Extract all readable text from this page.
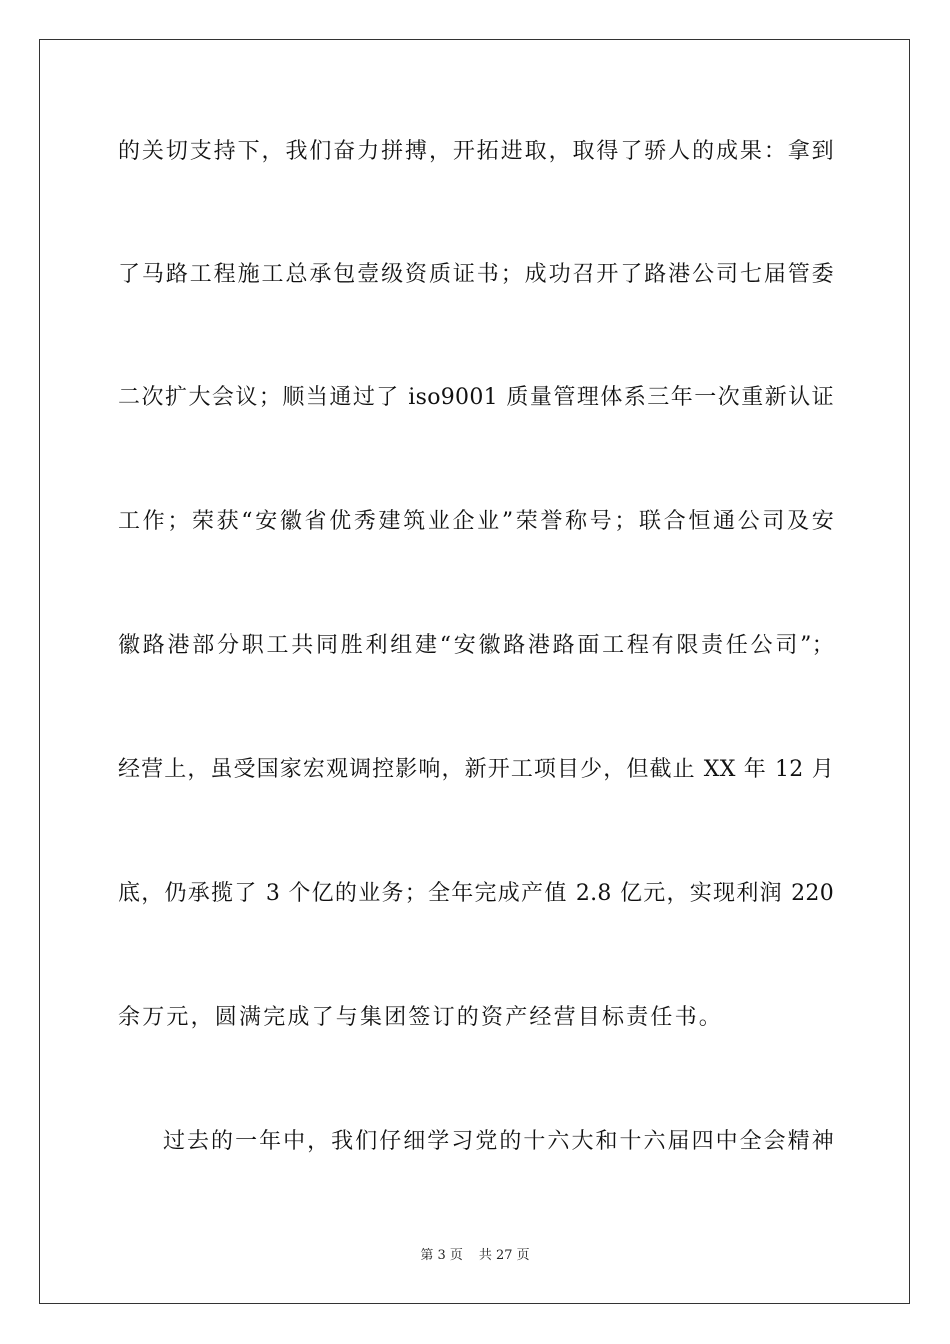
的关切支持下，我们奋力拼搏，开拓进取，取得了骄人的成果：拿到
了马路工程施工总承包壹级资质证书；成功召开了路港公司七届管委
二次扩大会议；顺当通过了 iso9001 质量管理体系三年一次重新认证
工作；荣获“安徽省优秀建筑业企业”荣誉称号；联合恒通公司及安
徽路港部分职工共同胜利组建“安徽路港路面工程有限责任公司”；
经营上，虽受国家宏观调控影响，新开工项目少，但截止 XX 年 12 月
底，仍承揽了 3 个亿的业务；全年完成产值 2.8 亿元，实现利润 220
余万元，圆满完成了与集团签订的资产经营目标责任书。
过去的一年中，我们仔细学习党的十六大和十六届四中全会精神
第 3 页 共 27 页
